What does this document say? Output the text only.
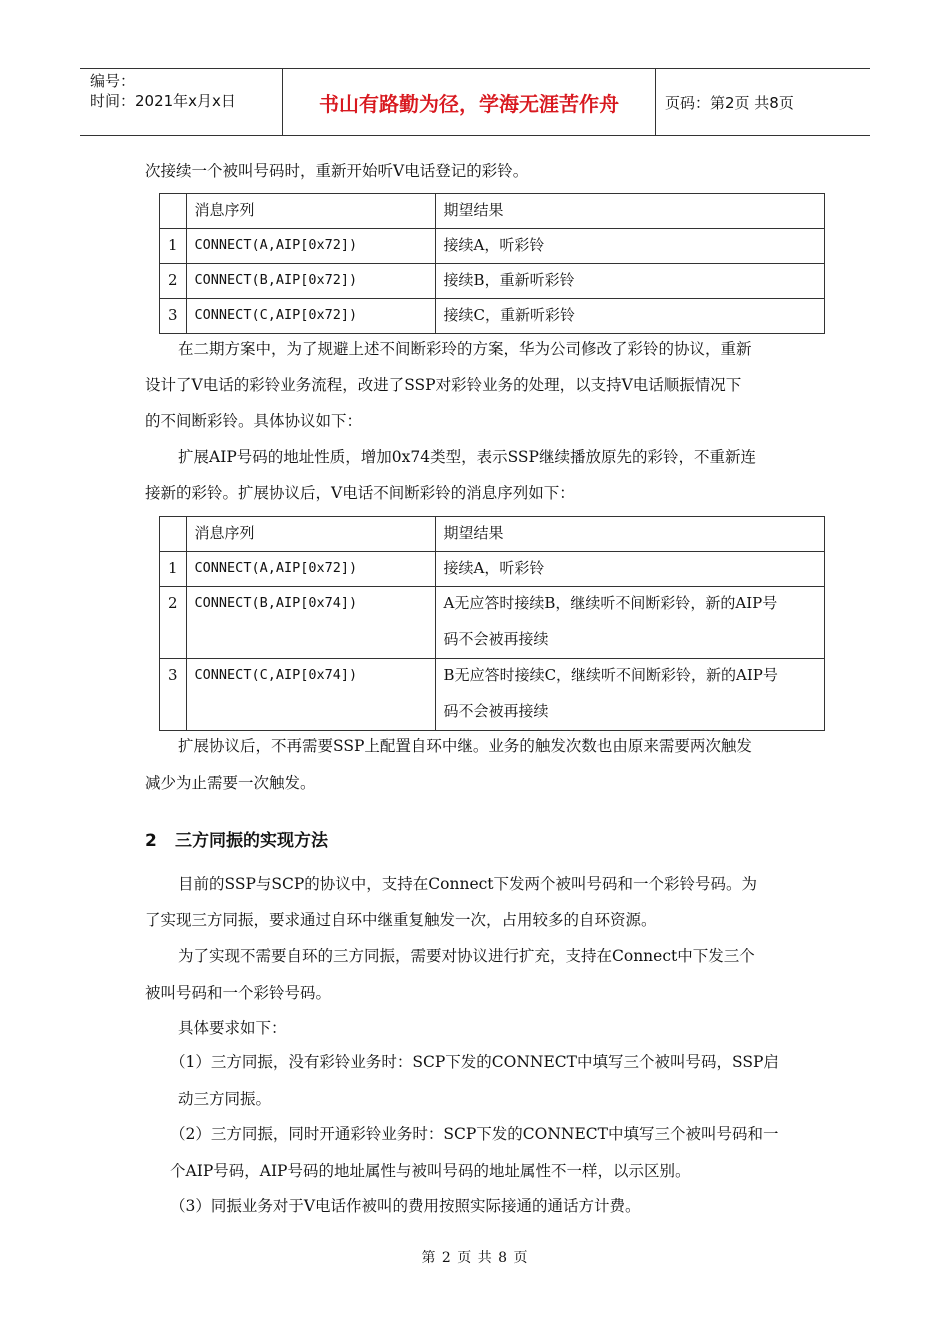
编号：
时间：2021年x月x日	书山有路勤为径，学海无涯苦作舟	页码：第2页 共8页
次接续一个被叫号码时，重新开始听V电话登记的彩铃。
	消息序列	期望结果
1	CONNECT(A,AIP[0x72])	接续A，听彩铃
2	CONNECT(B,AIP[0x72])	接续B，重新听彩铃
3	CONNECT(C,AIP[0x72])	接续C，重新听彩铃
在二期方案中，为了规避上述不间断彩玲的方案，华为公司修改了彩铃的协议，重新
设计了V电话的彩铃业务流程，改进了SSP对彩铃业务的处理，以支持V电话顺振情况下
的不间断彩铃。具体协议如下：
扩展AIP号码的地址性质，增加0x74类型，表示SSP继续播放原先的彩铃，不重新连
接新的彩铃。扩展协议后，V电话不间断彩铃的消息序列如下：
	消息序列	期望结果
1	CONNECT(A,AIP[0x72])	接续A，听彩铃
2	CONNECT(B,AIP[0x74])	A无应答时接续B，继续听不间断彩铃，新的AIP号
码不会被再接续

3	CONNECT(C,AIP[0x74])	B无应答时接续C，继续听不间断彩铃，新的AIP号
码不会被再接续
扩展协议后，不再需要SSP上配置自环中继。业务的触发次数也由原来需要两次触发
减少为止需要一次触发。
2 三方同振的实现方法
目前的SSP与SCP的协议中，支持在Connect下发两个被叫号码和一个彩铃号码。为
了实现三方同振，要求通过自环中继重复触发一次，占用较多的自环资源。
为了实现不需要自环的三方同振，需要对协议进行扩充，支持在Connect中下发三个
被叫号码和一个彩铃号码。
具体要求如下：
（1）三方同振，没有彩铃业务时：SCP下发的CONNECT中填写三个被叫号码，SSP启
动三方同振。
（2）三方同振，同时开通彩铃业务时：SCP下发的CONNECT中填写三个被叫号码和一
个AIP号码，AIP号码的地址属性与被叫号码的地址属性不一样，以示区别。
（3）同振业务对于V电话作被叫的费用按照实际接通的通话方计费。
第 2 页 共 8 页
